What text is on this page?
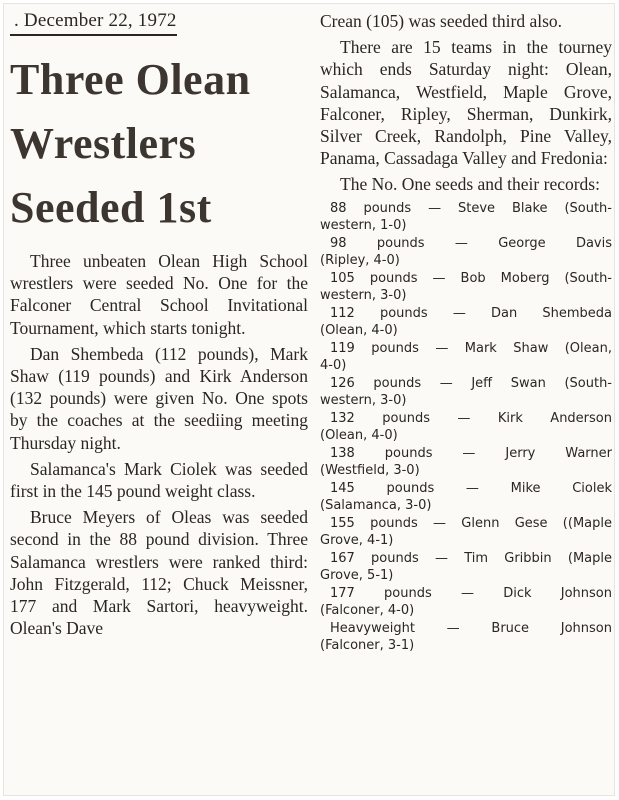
. December 22, 1972
Three Olean
Wrestlers
Seeded 1st

Three unbeaten Olean High School wrestlers were seeded No. One for the Falconer Central School Invitational Tournament, which starts tonight.

Dan Shembeda (112 pounds), Mark Shaw (119 pounds) and Kirk Anderson (132 pounds) were given No. One spots by the coaches at the seediing meeting Thursday night.

Salamanca's Mark Ciolek was seeded first in the 145 pound weight class.

Bruce Meyers of Oleas was seeded second in the 88 pound division. Three Salamanca wrestlers were ranked third: John Fitzgerald, 112; Chuck Meissner, 177 and Mark Sartori, heavyweight. Olean's Dave

Crean (105) was seeded third also.

There are 15 teams in the tourney which ends Saturday night: Olean, Salamanca, Westfield, Maple Grove, Falconer, Ripley, Sherman, Dunkirk, Silver Creek, Randolph, Pine Valley, Panama, Cassadaga Valley and Fredonia:

The No. One seeds and their records:

88 pounds — Steve Blake (South-
western, 1-0)
98 pounds — George Davis
(Ripley, 4-0)
105 pounds — Bob Moberg (South-
western, 3-0)
112 pounds — Dan Shembeda
(Olean, 4-0)
119 pounds — Mark Shaw (Olean,
4-0)
126 pounds — Jeff Swan (South-
western, 3-0)
132 pounds — Kirk Anderson
(Olean, 4-0)
138 pounds — Jerry Warner
(Westfield, 3-0)
145 pounds — Mike Ciolek
(Salamanca, 3-0)
155 pounds — Glenn Gese ((Maple
Grove, 4-1)
167 pounds — Tim Gribbin (Maple
Grove, 5-1)
177 pounds — Dick Johnson
(Falconer, 4-0)
Heavyweight — Bruce Johnson
(Falconer, 3-1)
